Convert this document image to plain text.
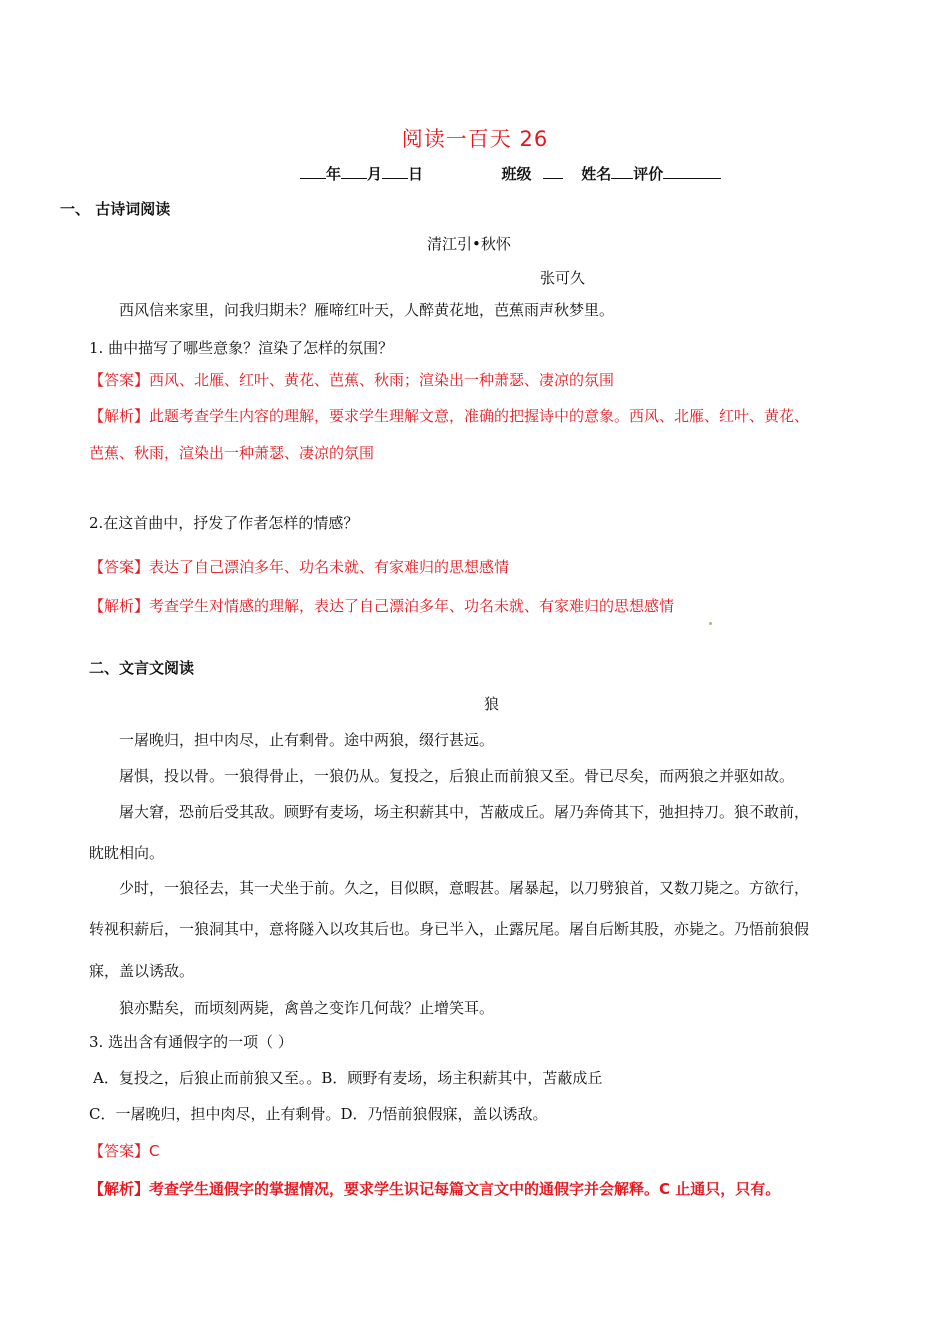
阅读一百天 26
年 月 日	班级	姓名 评价
一、 古诗词阅读
清江引•秋怀
张可久
西风信来家里，问我归期未？雁啼红叶天，人醉黄花地，芭蕉雨声秋梦里。
1. 曲中描写了哪些意象？渲染了怎样的氛围？
【答案】西风、北雁、红叶、黄花、芭蕉、秋雨；渲染出一种萧瑟、凄凉的氛围
【解析】此题考查学生内容的理解，要求学生理解文意，准确的把握诗中的意象。西风、北雁、红叶、黄花、
芭蕉、秋雨，渲染出一种萧瑟、凄凉的氛围
2.在这首曲中，抒发了作者怎样的情感？
【答案】表达了自己漂泊多年、功名未就、有家难归的思想感情
【解析】考查学生对情感的理解，表达了自己漂泊多年、功名未就、有家难归的思想感情
二、文言文阅读
狼
一屠晚归，担中肉尽，止有剩骨。途中两狼，缀行甚远。
屠惧，投以骨。一狼得骨止，一狼仍从。复投之，后狼止而前狼又至。骨已尽矣，而两狼之并驱如故。
屠大窘，恐前后受其敌。顾野有麦场，场主积薪其中，苫蔽成丘。屠乃奔倚其下，弛担持刀。狼不敢前，
眈眈相向。
少时，一狼径去，其一犬坐于前。久之，目似瞑，意暇甚。屠暴起，以刀劈狼首，又数刀毙之。方欲行，
转视积薪后，一狼洞其中，意将隧入以攻其后也。身已半入，止露尻尾。屠自后断其股，亦毙之。乃悟前狼假
寐，盖以诱敌。
狼亦黠矣，而顷刻两毙，禽兽之变诈几何哉？止增笑耳。
3. 选出含有通假字的一项（ ）
A．复投之，后狼止而前狼又至。。B．顾野有麦场，场主积薪其中，苫蔽成丘
C．一屠晚归，担中肉尽，止有剩骨。D．乃悟前狼假寐，盖以诱敌。
【答案】C
【解析】考查学生通假字的掌握情况，要求学生识记每篇文言文中的通假字并会解释。C 止通只，只有。
